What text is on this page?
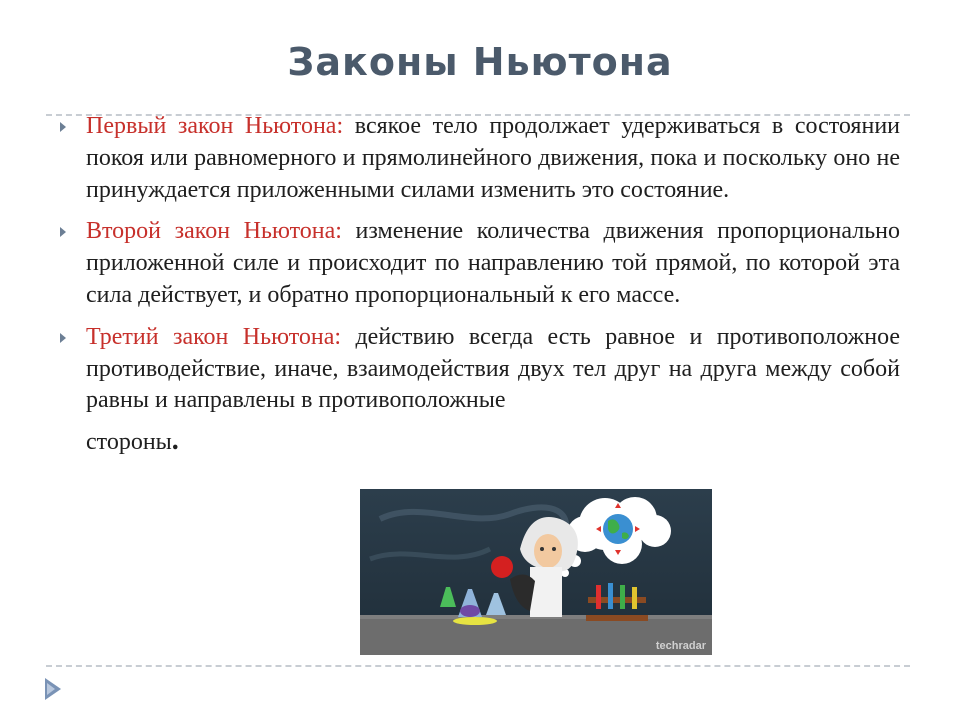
Законы Ньютона
Первый закон Ньютона: всякое тело продолжает удерживаться в состоянии покоя или равномерного и прямолинейного движения, пока и поскольку оно не принуждается приложенными силами изменить это состояние.
Второй закон Ньютона: изменение количества движения пропорционально приложенной силе и происходит по направлению той прямой, по которой эта сила действует, и обратно пропорциональный к его массе.
Третий закон Ньютона: действию всегда есть равное и противоположное противодействие, иначе, взаимодействия двух тел друг на друга между собой равны и направлены в противоположные
стороны.
techradar
